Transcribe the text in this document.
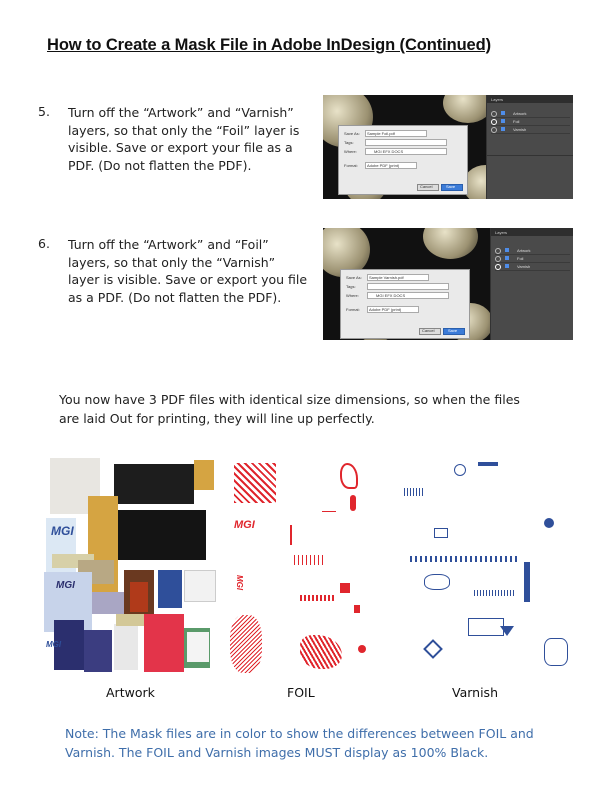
How to Create a Mask File in Adobe InDesign (Continued)
5. Turn off the “Artwork” and “Varnish”
layers, so that only the “Foil” layer is
visible. Save or export your file as a
PDF. (Do not flatten the PDF).
Save As: Sample Foil.pdf
Tags:
Where:	MGI EFX DOCS
Format: Adobe PDF (print)
Cancel	Save
Layers
Artwork
Foil
Varnish
6. Turn off the “Artwork” and “Foil”
layers, so that only the “Varnish”
layer is visible. Save or export you file
as a PDF. (Do not flatten the PDF).
Save As: Sample Varnish.pdf
Tags:
Where:	MGI EFX DOCS
Format: Adobe PDF (print)
Cancel	Save
Layers
Artwork
Foil
Varnish
You now have 3 PDF files with identical size dimensions, so when the files
are laid Out for printing, they will line up perfectly.
MGI
MGI
MGI
MGI
MGI
Artwork	FOIL	Varnish
Note: The Mask files are in color to show the differences between FOIL and
Varnish. The FOIL and Varnish images MUST display as 100% Black.
